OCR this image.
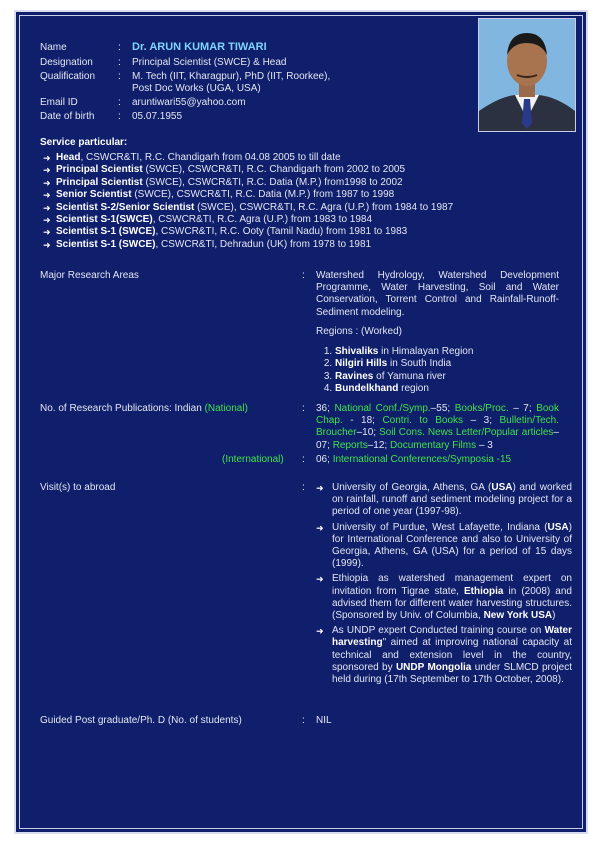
Name	: Dr. ARUN KUMAR TIWARI
Designation	: Principal Scientist (SWCE) & Head
Qualification : M. Tech (IIT, Kharagpur), PhD (IIT, Roorkee),
Post Doc Works (UGA, USA)
Email ID	: aruntiwari55@yahoo.com
Date of birth : 05.07.1955
Service particular:
➜ Head, CSWCR&TI, R.C. Chandigarh from 04.08 2005 to till date
➜ Principal Scientist (SWCE), CSWCR&TI, R.C. Chandigarh from 2002 to 2005
➜ Principal Scientist (SWCE), CSWCR&TI, R.C. Datia (M.P.) from1998 to 2002
➜ Senior Scientist (SWCE), CSWCR&TI, R.C. Datia (M.P.) from 1987 to 1998
➜ Scientist S-2/Senior Scientist (SWCE), CSWCR&TI, R.C. Agra (U.P.) from 1984 to 1987
➜ Scientist S-1(SWCE), CSWCR&TI, R.C. Agra (U.P.) from 1983 to 1984
➜ Scientist S-1 (SWCE), CSWCR&TI, R.C. Ooty (Tamil Nadu) from 1981 to 1983
➜ Scientist S-1 (SWCE), CSWCR&TI, Dehradun (UK) from 1978 to 1981
Major Research Areas	: Watershed Hydrology, Watershed Development Programme, Water Harvesting, Soil and Water Conservation, Torrent Control and Rainfall-Runoff-Sediment modeling.
Regions : (Worked)
1. Shivaliks in Himalayan Region
2. Nilgiri Hills in South India
3. Ravines of Yamuna river
4. Bundelkhand region
No. of Research Publications: Indian (National)	: 36; National Conf./Symp.–55; Books/Proc. – 7; Book Chap. - 18; Contri. to Books – 3; Bulletin/Tech. Broucher–10; Soil Cons. News Letter/Popular articles–07; Reports–12; Documentary Films – 3
(International) : 06; International Conferences/Symposia -15
Visit(s) to abroad	: ➜ University of Georgia, Athens, GA (USA) and worked on rainfall, runoff and sediment modeling project for a period of one year (1997-98).
➜ University of Purdue, West Lafayette, Indiana (USA) for International Conference and also to University of Georgia, Athens, GA (USA) for a period of 15 days (1999).
➜ Ethiopia as watershed management expert on invitation from Tigrae state, Ethiopia in (2008) and advised them for different water harvesting structures.(Sponsored by Univ. of Columbia, New York USA)
➜ As UNDP expert Conducted training course on Water harvesting" aimed at improving national capacity at technical and extension level in the country, sponsored by UNDP Mongolia under SLMCD project held during (17th September to 17th October, 2008).
Guided Post graduate/Ph. D (No. of students)	: NIL
